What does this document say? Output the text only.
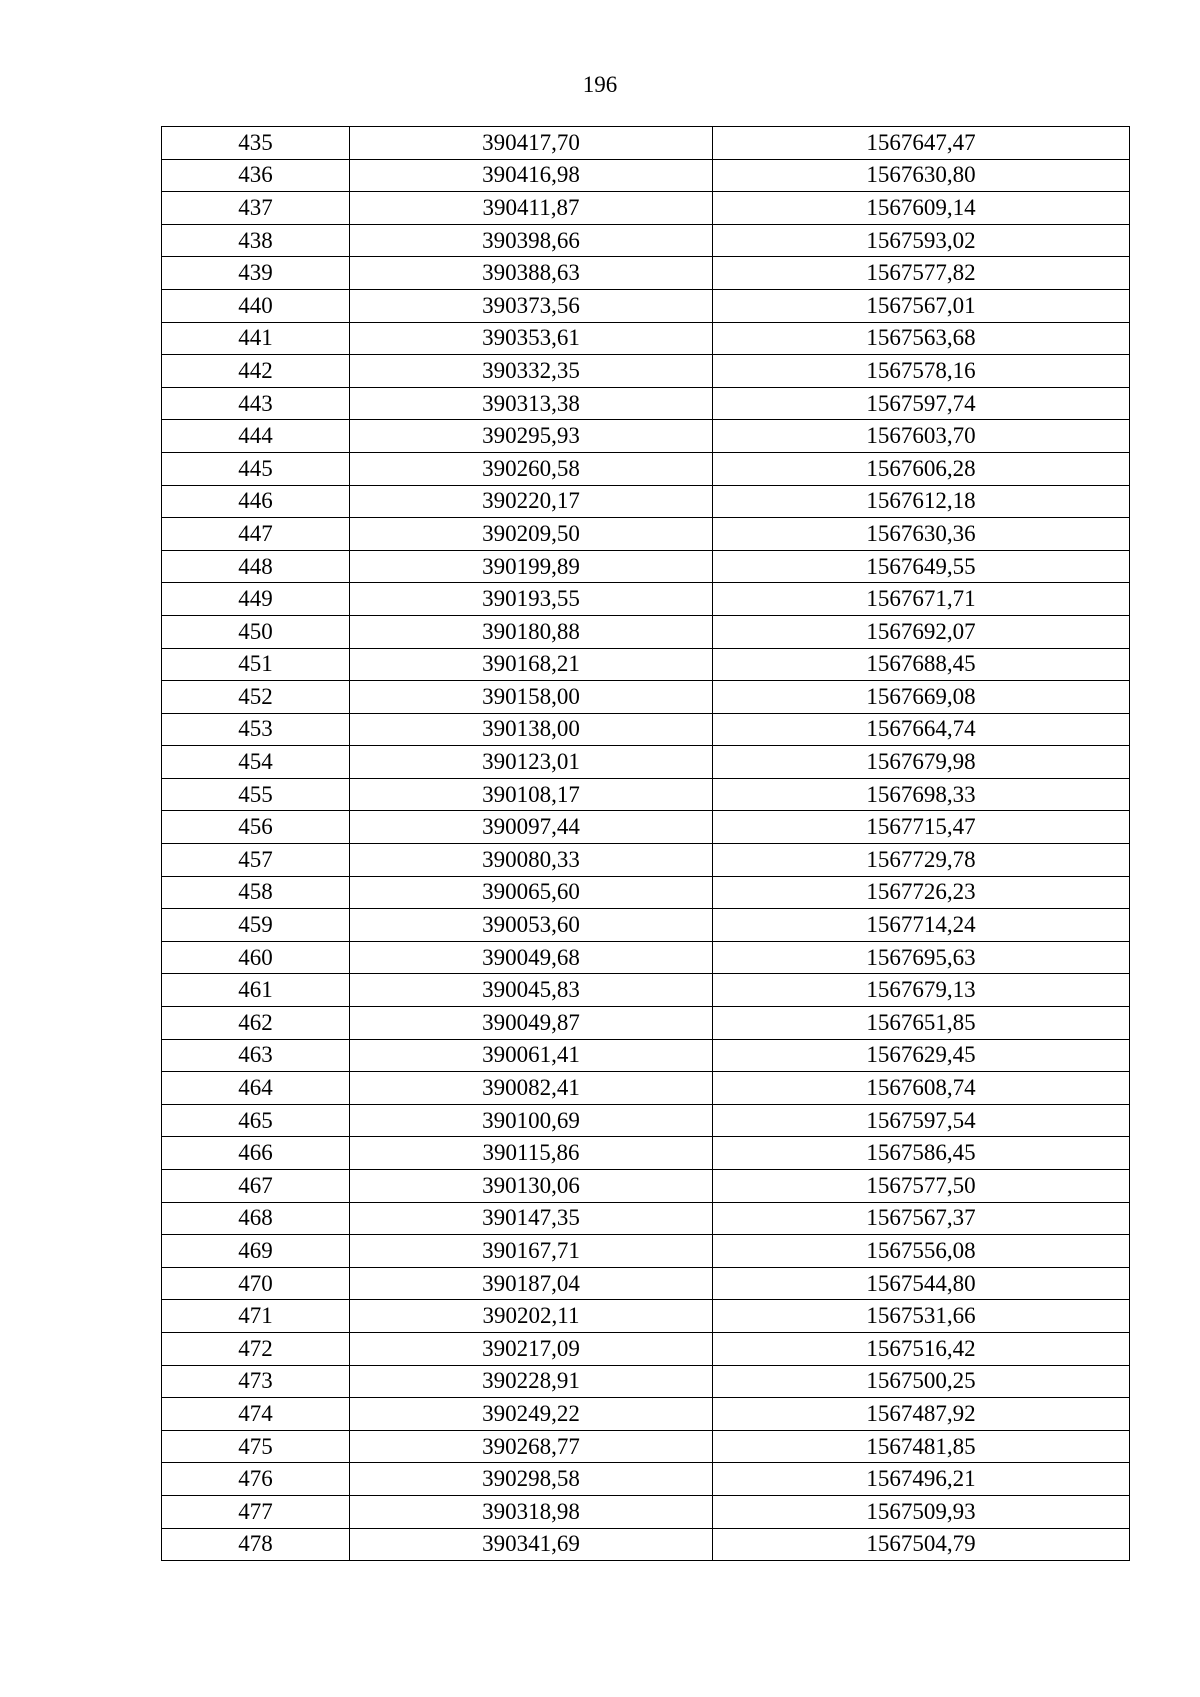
196
435	390417,70	1567647,47
436	390416,98	1567630,80
437	390411,87	1567609,14
438	390398,66	1567593,02
439	390388,63	1567577,82
440	390373,56	1567567,01
441	390353,61	1567563,68
442	390332,35	1567578,16
443	390313,38	1567597,74
444	390295,93	1567603,70
445	390260,58	1567606,28
446	390220,17	1567612,18
447	390209,50	1567630,36
448	390199,89	1567649,55
449	390193,55	1567671,71
450	390180,88	1567692,07
451	390168,21	1567688,45
452	390158,00	1567669,08
453	390138,00	1567664,74
454	390123,01	1567679,98
455	390108,17	1567698,33
456	390097,44	1567715,47
457	390080,33	1567729,78
458	390065,60	1567726,23
459	390053,60	1567714,24
460	390049,68	1567695,63
461	390045,83	1567679,13
462	390049,87	1567651,85
463	390061,41	1567629,45
464	390082,41	1567608,74
465	390100,69	1567597,54
466	390115,86	1567586,45
467	390130,06	1567577,50
468	390147,35	1567567,37
469	390167,71	1567556,08
470	390187,04	1567544,80
471	390202,11	1567531,66
472	390217,09	1567516,42
473	390228,91	1567500,25
474	390249,22	1567487,92
475	390268,77	1567481,85
476	390298,58	1567496,21
477	390318,98	1567509,93
478	390341,69	1567504,79
